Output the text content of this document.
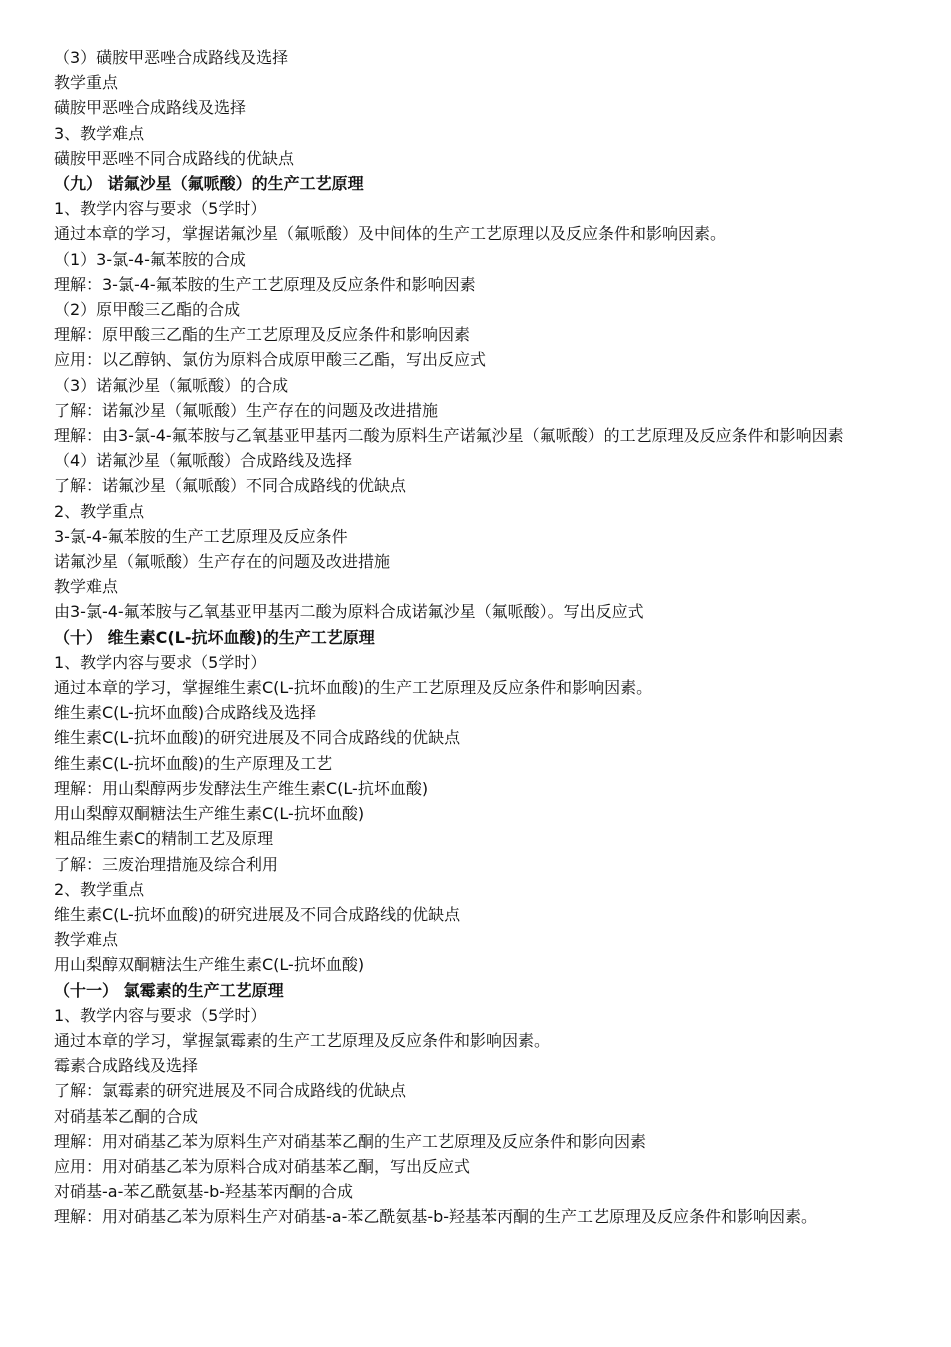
（3）磺胺甲恶唑合成路线及选择

教学重点

磺胺甲恶唑合成路线及选择

3、教学难点

磺胺甲恶唑不同合成路线的优缺点

（九） 诺氟沙星（氟哌酸）的生产工艺原理

1、教学内容与要求（5学时）

通过本章的学习，掌握诺氟沙星（氟哌酸）及中间体的生产工艺原理以及反应条件和影响因素。

（1）3-氯-4-氟苯胺的合成

理解：3-氯-4-氟苯胺的生产工艺原理及反应条件和影响因素

（2）原甲酸三乙酯的合成

理解：原甲酸三乙酯的生产工艺原理及反应条件和影响因素

应用：以乙醇钠、氯仿为原料合成原甲酸三乙酯，写出反应式

（3）诺氟沙星（氟哌酸）的合成

了解：诺氟沙星（氟哌酸）生产存在的问题及改进措施

理解：由3-氯-4-氟苯胺与乙氧基亚甲基丙二酸为原料生产诺氟沙星（氟哌酸）的工艺原理及反应条件和影响因素

（4）诺氟沙星（氟哌酸）合成路线及选择

了解：诺氟沙星（氟哌酸）不同合成路线的优缺点

2、教学重点

3-氯-4-氟苯胺的生产工艺原理及反应条件

诺氟沙星（氟哌酸）生产存在的问题及改进措施

教学难点

由3-氯-4-氟苯胺与乙氧基亚甲基丙二酸为原料合成诺氟沙星（氟哌酸）。写出反应式

（十） 维生素C(L-抗坏血酸)的生产工艺原理

1、教学内容与要求（5学时）

通过本章的学习，掌握维生素C(L-抗坏血酸)的生产工艺原理及反应条件和影响因素。

维生素C(L-抗坏血酸)合成路线及选择

维生素C(L-抗坏血酸)的研究进展及不同合成路线的优缺点

维生素C(L-抗坏血酸)的生产原理及工艺

理解：用山梨醇两步发酵法生产维生素C(L-抗坏血酸)

用山梨醇双酮糖法生产维生素C(L-抗坏血酸)

粗品维生素C的精制工艺及原理

了解：三废治理措施及综合利用

2、教学重点

维生素C(L-抗坏血酸)的研究进展及不同合成路线的优缺点

教学难点

用山梨醇双酮糖法生产维生素C(L-抗坏血酸)

（十一） 氯霉素的生产工艺原理

1、教学内容与要求（5学时）

通过本章的学习，掌握氯霉素的生产工艺原理及反应条件和影响因素。

霉素合成路线及选择

了解：氯霉素的研究进展及不同合成路线的优缺点

对硝基苯乙酮的合成

理解：用对硝基乙苯为原料生产对硝基苯乙酮的生产工艺原理及反应条件和影向因素

应用：用对硝基乙苯为原料合成对硝基苯乙酮，写出反应式

对硝基-a-苯乙酰氨基-b-羟基苯丙酮的合成

理解：用对硝基乙苯为原料生产对硝基-a-苯乙酰氨基-b-羟基苯丙酮的生产工艺原理及反应条件和影响因素。
